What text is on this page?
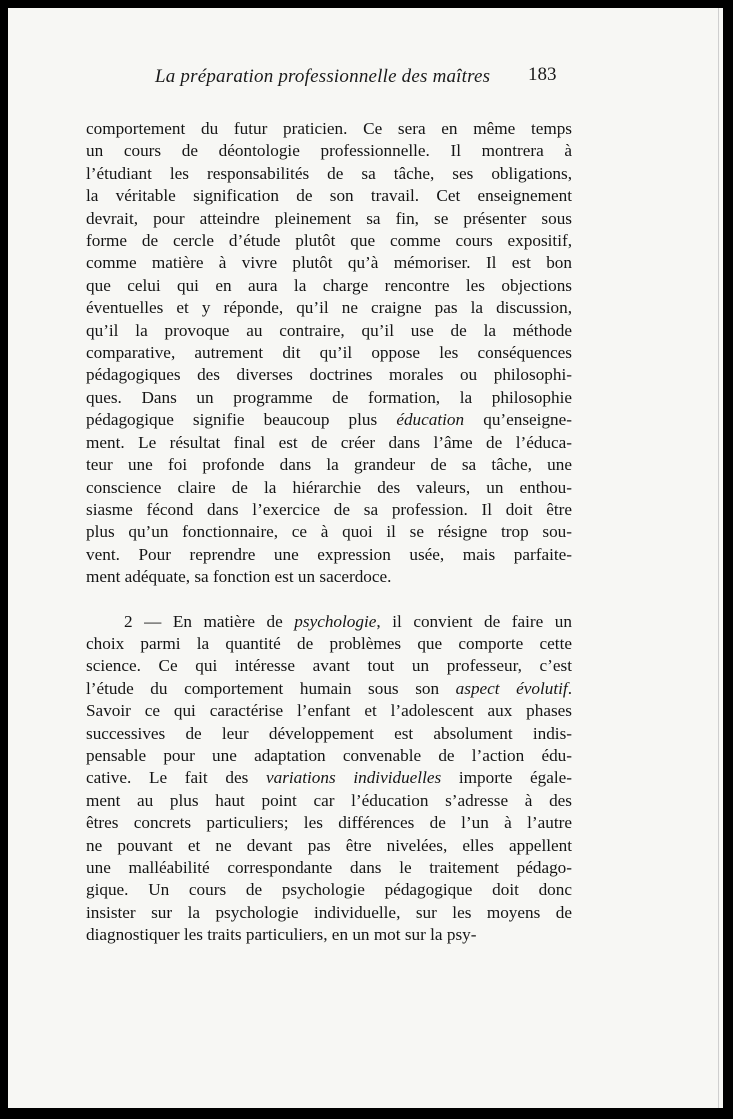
La préparation professionnelle des maîtres	183
comportement du futur praticien. Ce sera en même temps
un cours de déontologie professionnelle. Il montrera à
l’étudiant les responsabilités de sa tâche, ses obligations,
la véritable signification de son travail. Cet enseignement
devrait, pour atteindre pleinement sa fin, se présenter sous
forme de cercle d’étude plutôt que comme cours expositif,
comme matière à vivre plutôt qu’à mémoriser. Il est bon
que celui qui en aura la charge rencontre les objections
éventuelles et y réponde, qu’il ne craigne pas la discussion,
qu’il la provoque au contraire, qu’il use de la méthode
comparative, autrement dit qu’il oppose les conséquences
pédagogiques des diverses doctrines morales ou philosophi-
ques. Dans un programme de formation, la philosophie
pédagogique signifie beaucoup plus éducation qu’enseigne-
ment. Le résultat final est de créer dans l’âme de l’éduca-
teur une foi profonde dans la grandeur de sa tâche, une
conscience claire de la hiérarchie des valeurs, un enthou-
siasme fécond dans l’exercice de sa profession. Il doit être
plus qu’un fonctionnaire, ce à quoi il se résigne trop sou-
vent. Pour reprendre une expression usée, mais parfaite-
ment adéquate, sa fonction est un sacerdoce.
2 — En matière de psychologie, il convient de faire un
choix parmi la quantité de problèmes que comporte cette
science. Ce qui intéresse avant tout un professeur, c’est
l’étude du comportement humain sous son aspect évolutif.
Savoir ce qui caractérise l’enfant et l’adolescent aux phases
successives de leur développement est absolument indis-
pensable pour une adaptation convenable de l’action édu-
cative. Le fait des variations individuelles importe égale-
ment au plus haut point car l’éducation s’adresse à des
êtres concrets particuliers; les différences de l’un à l’autre
ne pouvant et ne devant pas être nivelées, elles appellent
une malléabilité correspondante dans le traitement pédago-
gique. Un cours de psychologie pédagogique doit donc
insister sur la psychologie individuelle, sur les moyens de
diagnostiquer les traits particuliers, en un mot sur la psy-
